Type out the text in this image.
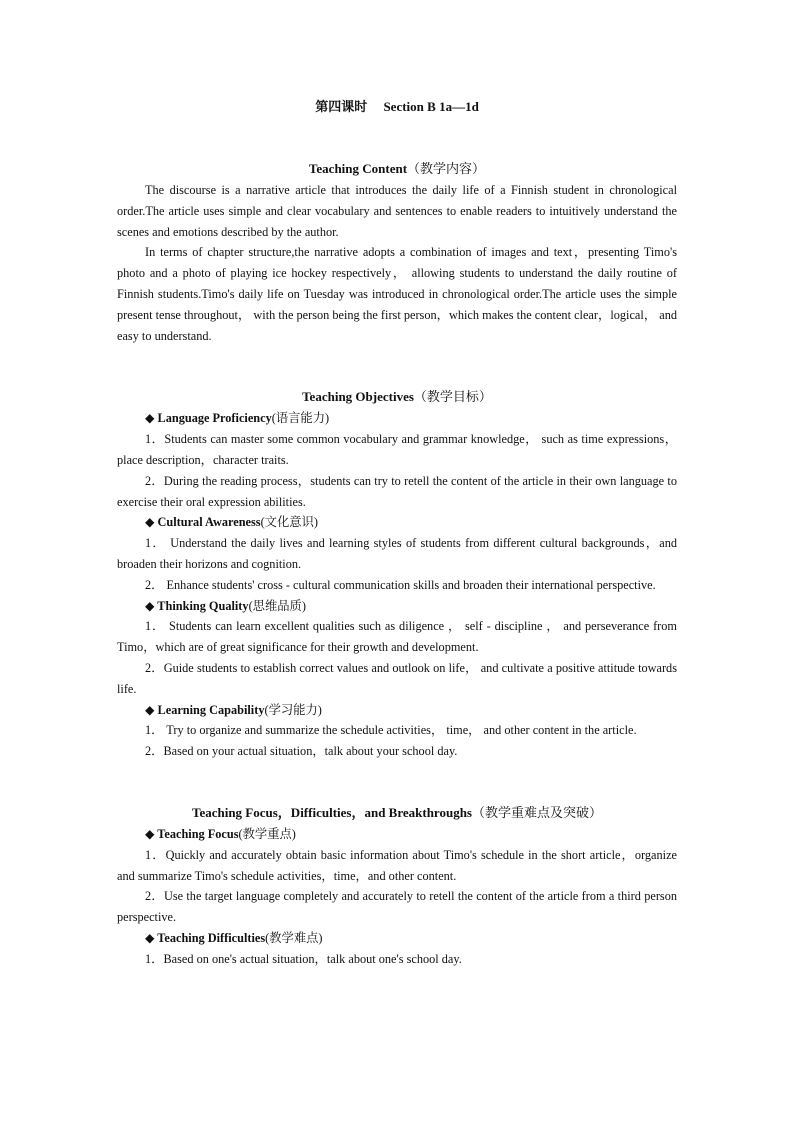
第四课时　 Section B 1a—1d
Teaching Content（教学内容）

The discourse is a narrative article that introduces the daily life of a Finnish student in chronological order.The article uses simple and clear vocabulary and sentences to enable readers to intuitively understand the scenes and emotions described by the author.

In terms of chapter structure,the narrative adopts a combination of images and text，presenting Timo's photo and a photo of playing ice hockey respectively， allowing students to understand the daily routine of Finnish students.Timo's daily life on Tuesday was introduced in chronological order.The article uses the simple present tense throughout， with the person being the first person，which makes the content clear，logical， and easy to understand.

Teaching Objectives（教学目标）

◆ Language Proficiency(语言能力)

1．Students can master some common vocabulary and grammar knowledge， such as time expressions，place description，character traits.

2．During the reading process，students can try to retell the content of the article in their own language to exercise their oral expression abilities.

◆ Cultural Awareness(文化意识)

1． Understand the daily lives and learning styles of students from different cultural backgrounds，and broaden their horizons and cognition.

2． Enhance students' cross - cultural communication skills and broaden their international perspective.

◆ Thinking Quality(思维品质)

1． Students can learn excellent qualities such as diligence ， self - discipline ， and perseverance from Timo，which are of great significance for their growth and development.

2．Guide students to establish correct values and outlook on life， and cultivate a positive attitude towards life.

◆ Learning Capability(学习能力)

1． Try to organize and summarize the schedule activities， time， and other content in the article.

2．Based on your actual situation，talk about your school day.

Teaching Focus，Difficulties，and Breakthroughs（教学重难点及突破）

◆ Teaching Focus(教学重点)

1．Quickly and accurately obtain basic information about Timo's schedule in the short article，organize and summarize Timo's schedule activities，time，and other content.

2．Use the target language completely and accurately to retell the content of the article from a third person perspective.

◆ Teaching Difficulties(教学难点)

1．Based on one's actual situation，talk about one's school day.
